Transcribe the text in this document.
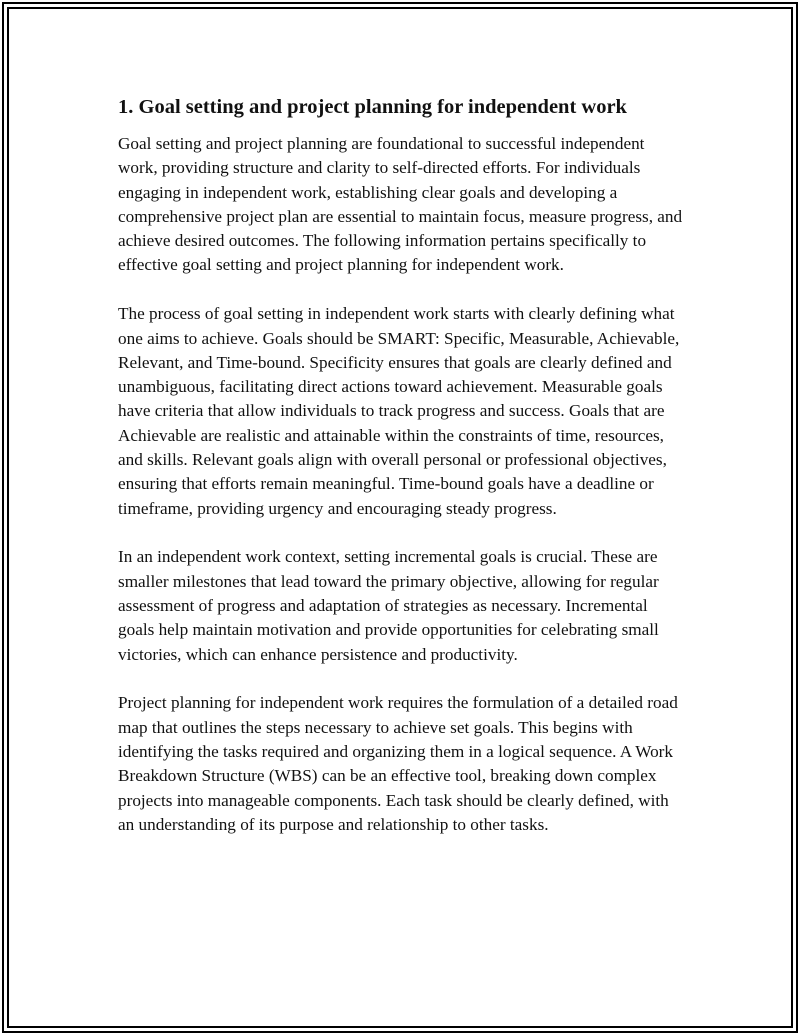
1. Goal setting and project planning for independent work

Goal setting and project planning are foundational to successful independent work, providing structure and clarity to self-directed efforts. For individuals engaging in independent work, establishing clear goals and developing a comprehensive project plan are essential to maintain focus, measure progress, and achieve desired outcomes. The following information pertains specifically to effective goal setting and project planning for independent work.

The process of goal setting in independent work starts with clearly defining what one aims to achieve. Goals should be SMART: Specific, Measurable, Achievable, Relevant, and Time-bound. Specificity ensures that goals are clearly defined and unambiguous, facilitating direct actions toward achievement. Measurable goals have criteria that allow individuals to track progress and success. Goals that are Achievable are realistic and attainable within the constraints of time, resources, and skills. Relevant goals align with overall personal or professional objectives, ensuring that efforts remain meaningful. Time-bound goals have a deadline or timeframe, providing urgency and encouraging steady progress.

In an independent work context, setting incremental goals is crucial. These are smaller milestones that lead toward the primary objective, allowing for regular assessment of progress and adaptation of strategies as necessary. Incremental goals help maintain motivation and provide opportunities for celebrating small victories, which can enhance persistence and productivity.

Project planning for independent work requires the formulation of a detailed road map that outlines the steps necessary to achieve set goals. This begins with identifying the tasks required and organizing them in a logical sequence. A Work Breakdown Structure (WBS) can be an effective tool, breaking down complex projects into manageable components. Each task should be clearly defined, with an understanding of its purpose and relationship to other tasks.
